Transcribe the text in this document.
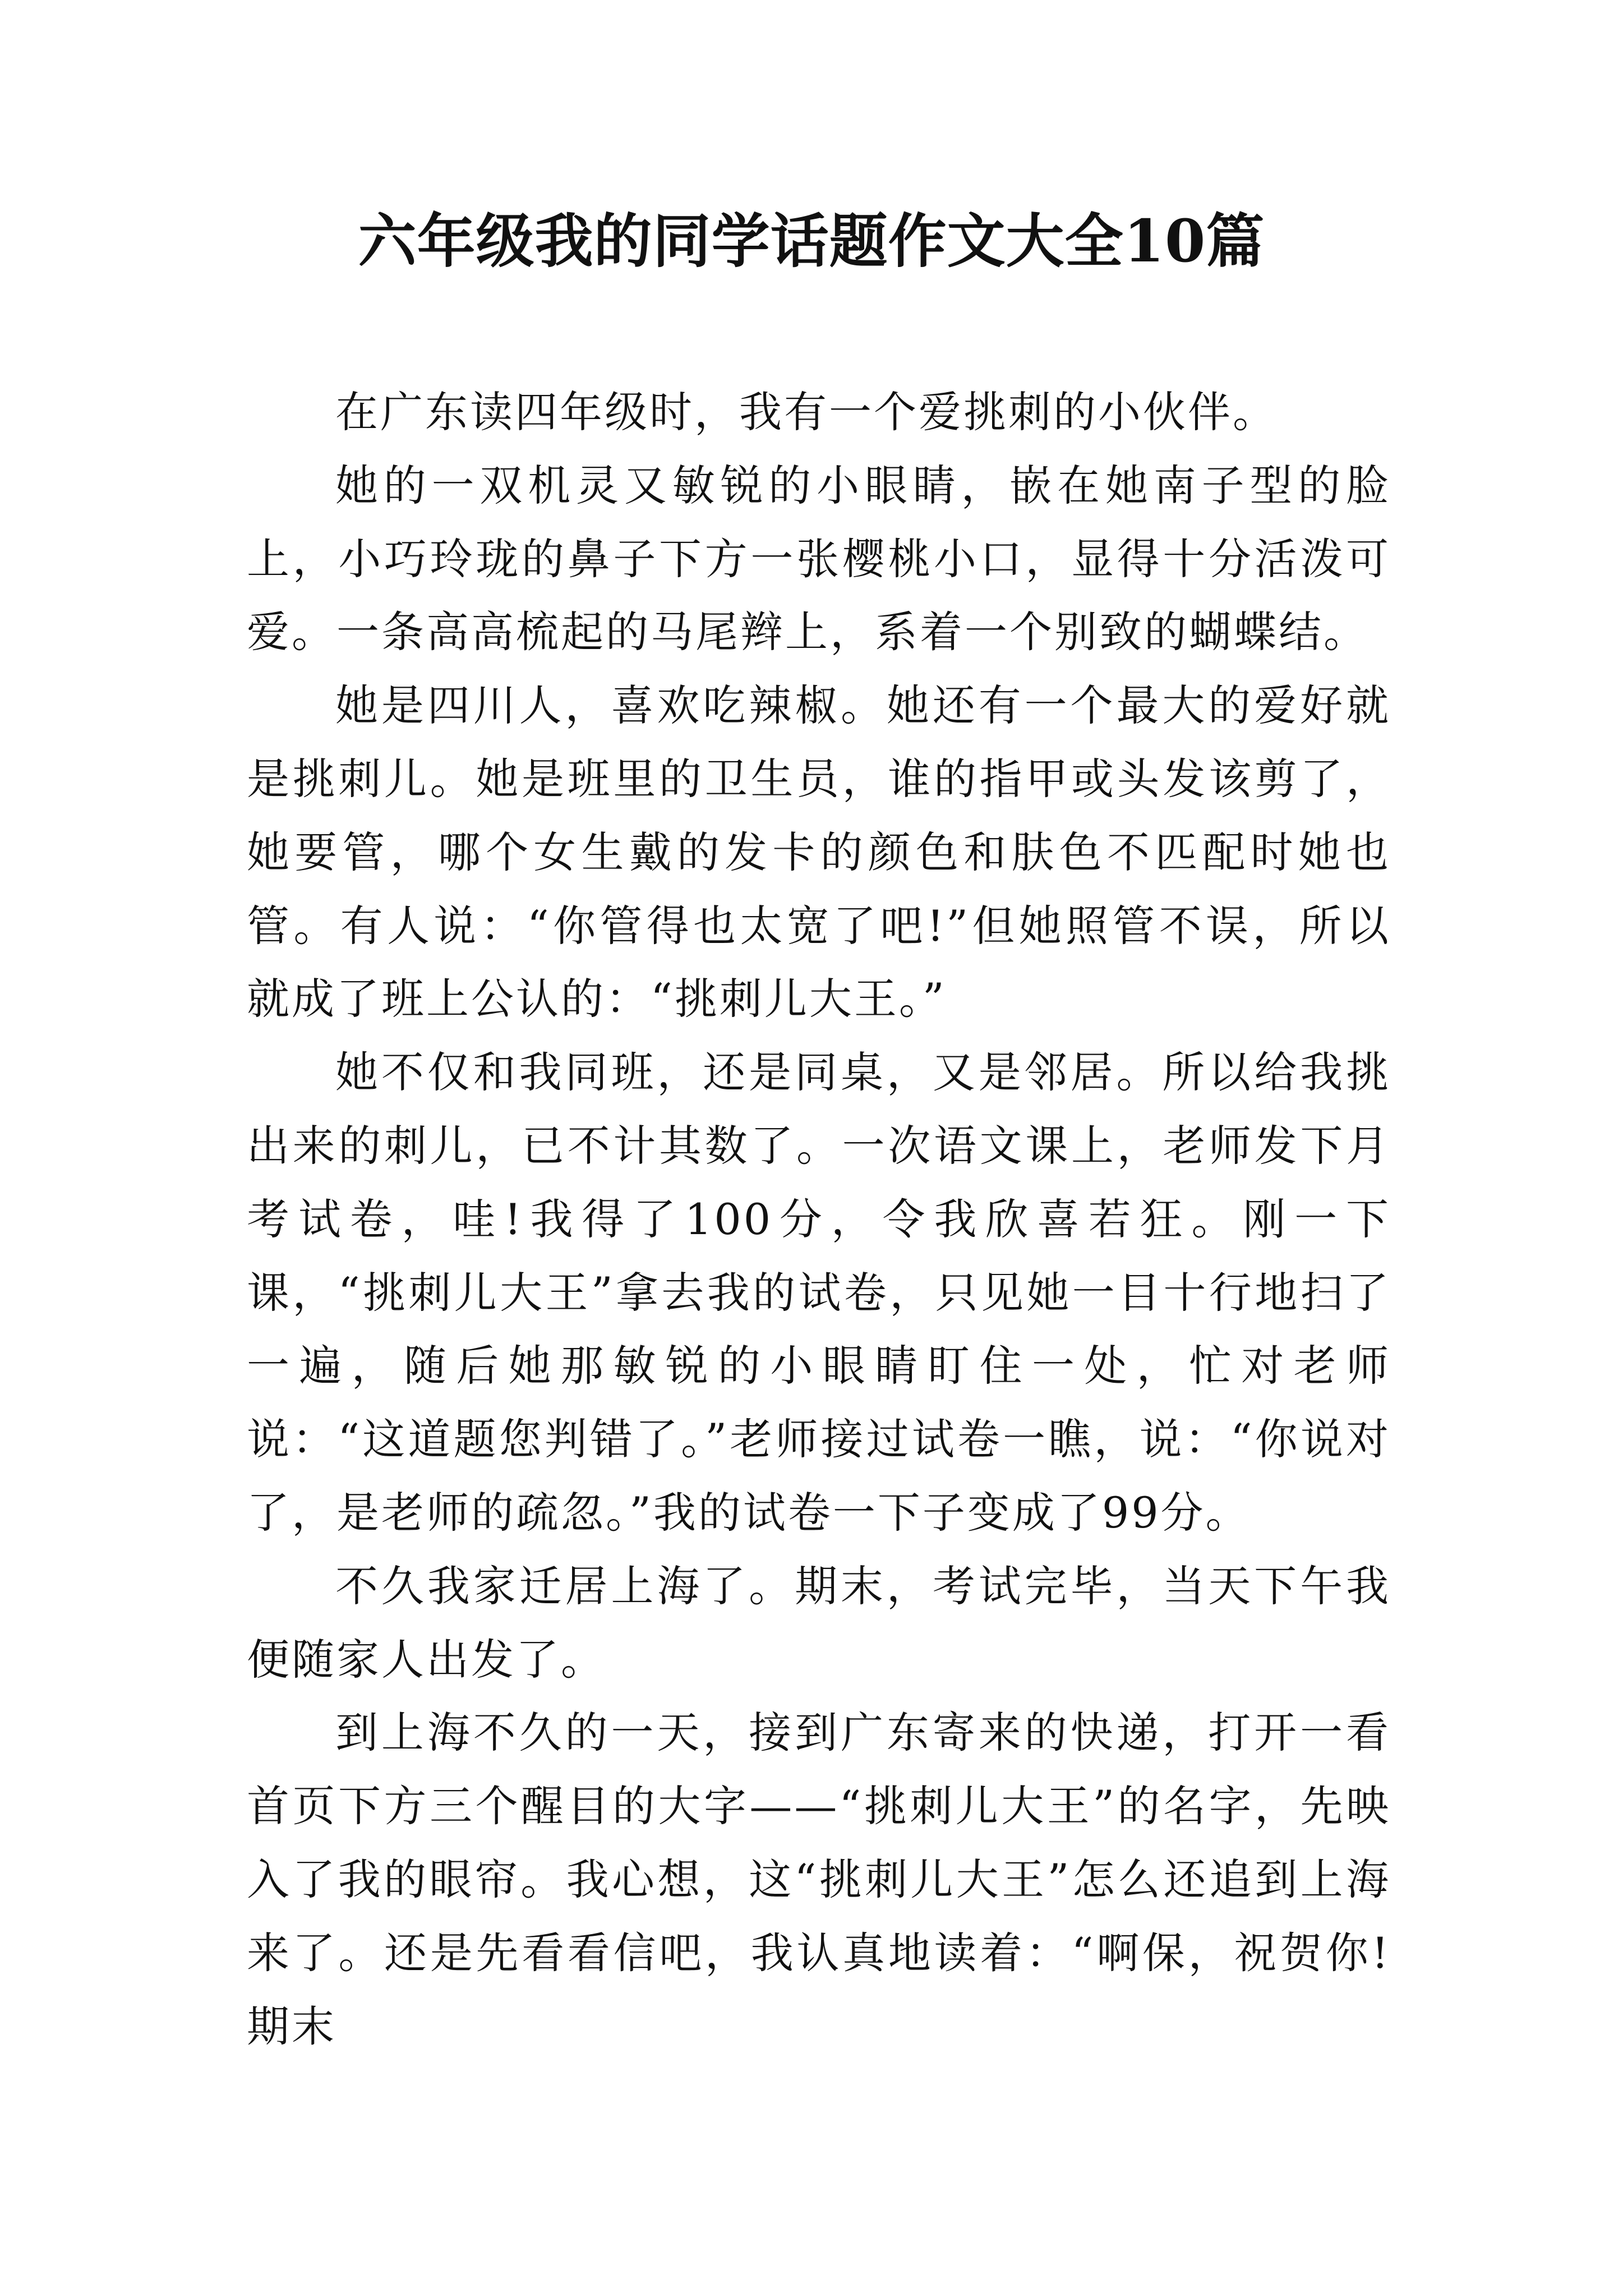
六年级我的同学话题作文大全10篇

在广东读四年级时，我有一个爱挑刺的小伙伴。

她的一双机灵又敏锐的小眼睛，嵌在她南子型的脸上，小巧玲珑的鼻子下方一张樱桃小口，显得十分活泼可爱。一条高高梳起的马尾辫上，系着一个别致的蝴蝶结。

她是四川人，喜欢吃辣椒。她还有一个最大的爱好就是挑刺儿。她是班里的卫生员，谁的指甲或头发该剪了，她要管，哪个女生戴的发卡的颜色和肤色不匹配时她也管。有人说：“你管得也太宽了吧!”但她照管不误，所以就成了班上公认的：“挑刺儿大王。”

她不仅和我同班，还是同桌，又是邻居。所以给我挑出来的刺儿，已不计其数了。一次语文课上，老师发下月考试卷，哇!我得了100分，令我欣喜若狂。刚一下课，“挑刺儿大王”拿去我的试卷，只见她一目十行地扫了一遍，随后她那敏锐的小眼睛盯住一处，忙对老师说：“这道题您判错了。”老师接过试卷一瞧，说：“你说对了，是老师的疏忽。”我的试卷一下子变成了99分。

不久我家迁居上海了。期末，考试完毕，当天下午我便随家人出发了。

到上海不久的一天，接到广东寄来的快递，打开一看首页下方三个醒目的大字——“挑刺儿大王”的名字，先映入了我的眼帘。我心想，这“挑刺儿大王”怎么还追到上海来了。还是先看看信吧，我认真地读着：“啊保，祝贺你!期末
